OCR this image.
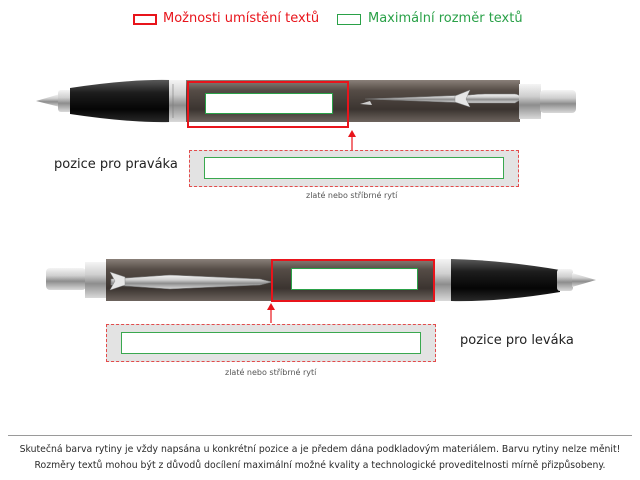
Možnosti umístění textů	Maximální rozměr textů
zlaté nebo stříbrné rytí
pozice pro praváka
zlaté nebo stříbrné rytí
pozice pro leváka
Skutečná barva rytiny je vždy napsána u konkrétní pozice a je předem dána podkladovým materiálem. Barvu rytiny nelze měnit!
Rozměry textů mohou být z důvodů docílení maximální možné kvality a technologické proveditelnosti mírně přizpůsobeny.
